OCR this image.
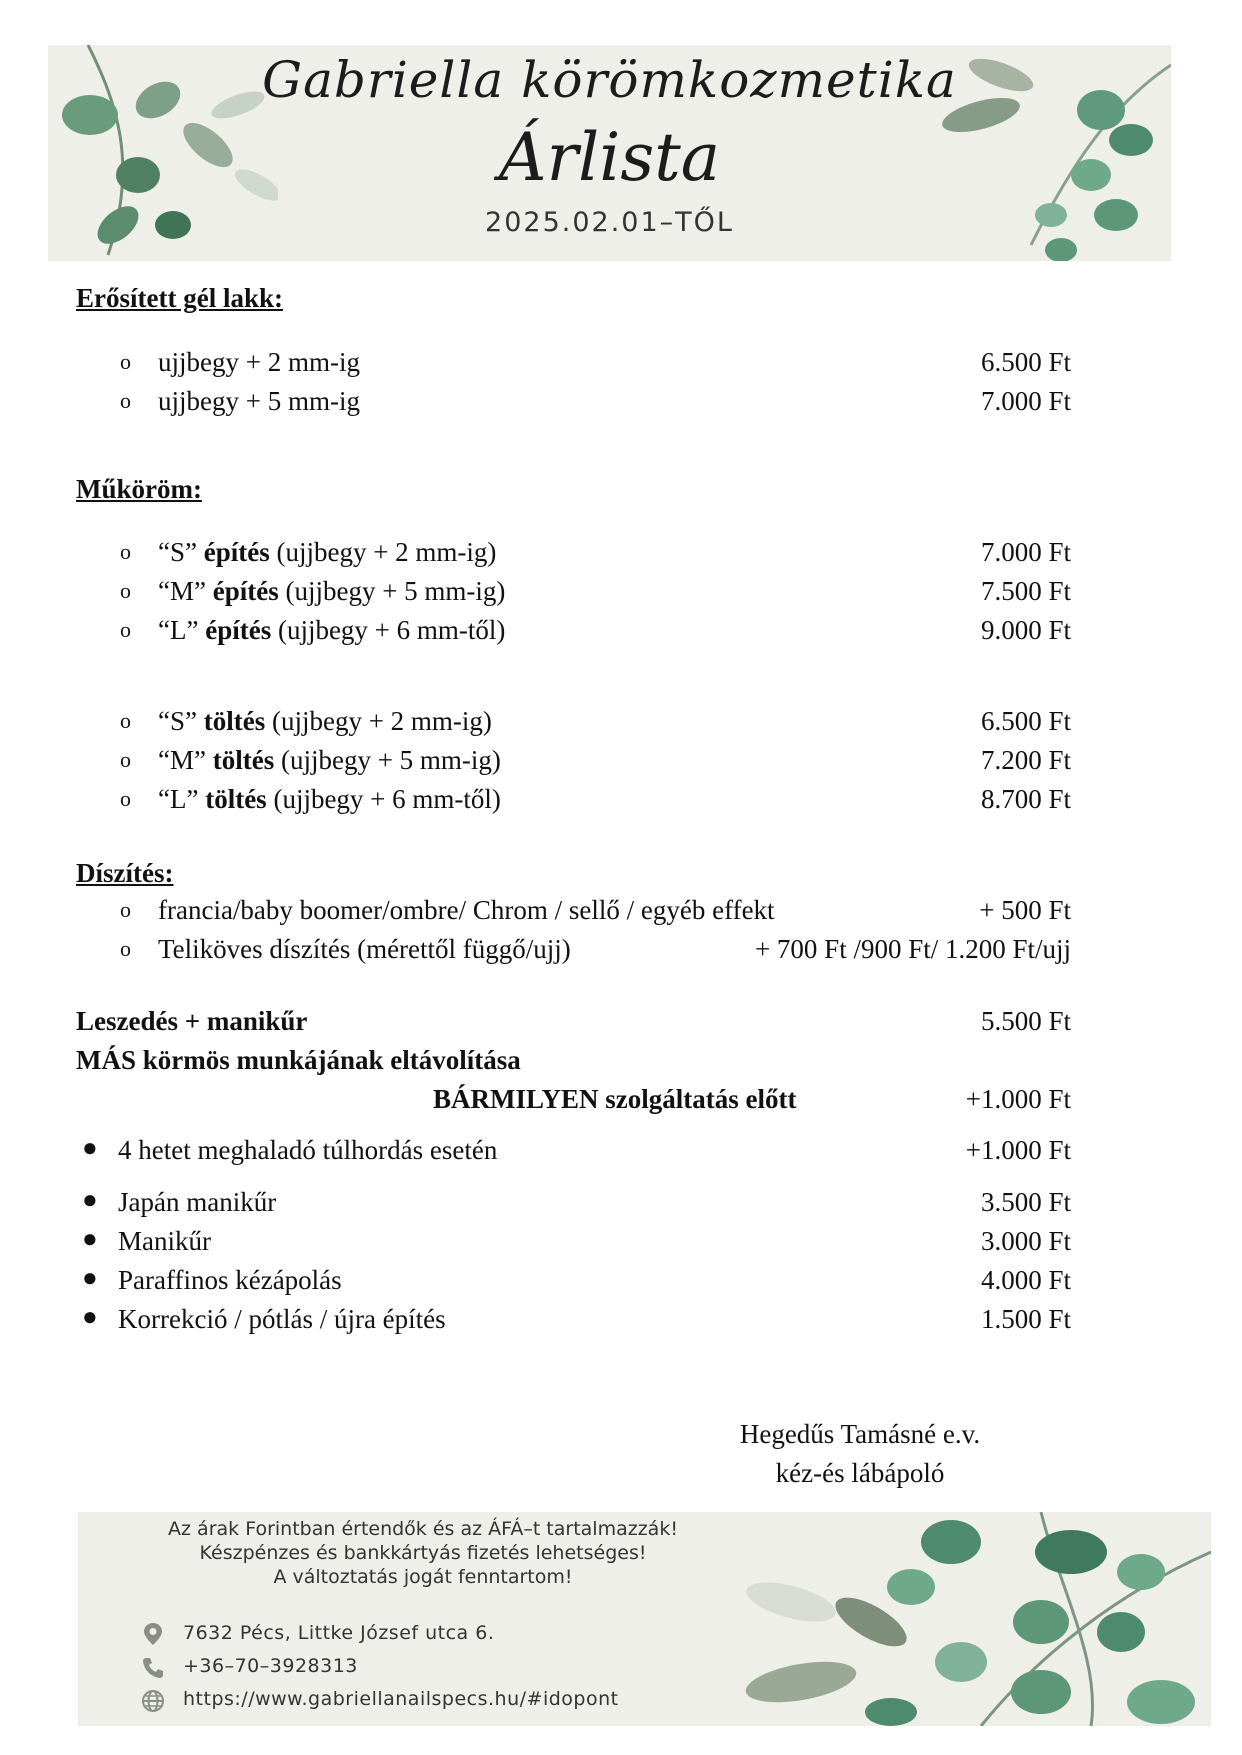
Gabriella körömkozmetika
Árlista
2025.02.01–TŐL
Erősített gél lakk:
o ujjbegy + 2 mm-ig	6.500 Ft
o ujjbegy + 5 mm-ig	7.000 Ft
Műköröm:
o “S” építés (ujjbegy + 2 mm-ig)	7.000 Ft
o “M” építés (ujjbegy + 5 mm-ig)	7.500 Ft
o “L” építés (ujjbegy + 6 mm-től)	9.000 Ft
o “S” töltés (ujjbegy + 2 mm-ig)	6.500 Ft
o “M” töltés (ujjbegy + 5 mm-ig)	7.200 Ft
o “L” töltés (ujjbegy + 6 mm-től)	8.700 Ft
Díszítés:
o francia/baby boomer/ombre/ Chrom / sellő / egyéb effekt	+ 500 Ft
o Teliköves díszítés (mérettől függő/ujj)	+ 700 Ft /900 Ft/ 1.200 Ft/ujj
Leszedés + manikűr	5.500 Ft
MÁS körmös munkájának eltávolítása
BÁRMILYEN szolgáltatás előtt	+1.000 Ft
● 4 hetet meghaladó túlhordás esetén	+1.000 Ft
● Japán manikűr	3.500 Ft
● Manikűr	3.000 Ft
● Paraffinos kézápolás	4.000 Ft
● Korrekció / pótlás / újra építés	1.500 Ft
Hegedűs Tamásné e.v.
kéz-és lábápoló
Az árak Forintban értendők és az ÁFÁ–t tartalmazzák!
Készpénzes és bankkártyás fizetés lehetséges!
A változtatás jogát fenntartom!
7632 Pécs, Littke József utca 6.
+36–70–3928313
https://www.gabriellanailspecs.hu/#idopont
